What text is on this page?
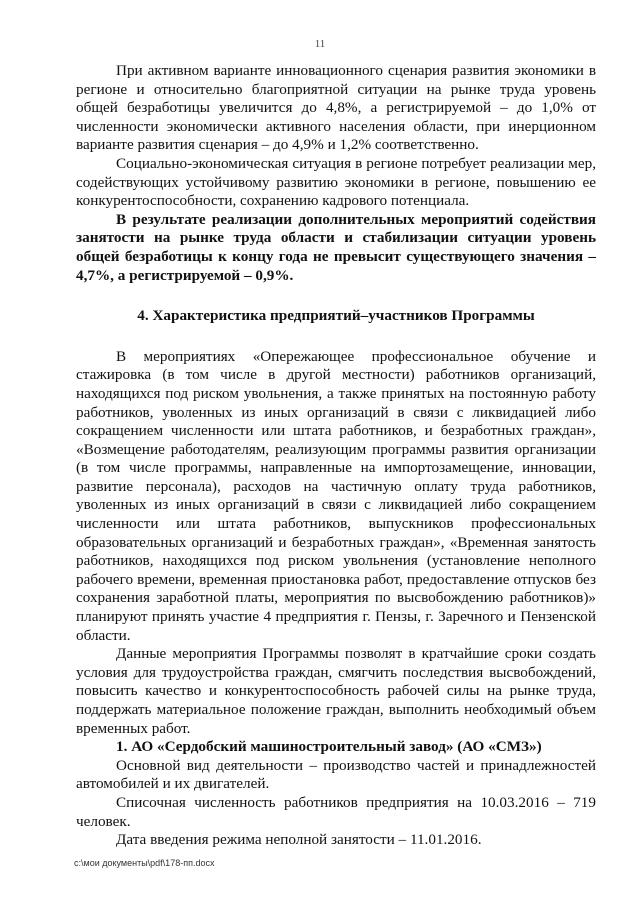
11

При активном варианте инновационного сценария развития экономики в регионе и относительно благоприятной ситуации на рынке труда уровень общей безработицы увеличится до 4,8%, а регистрируемой – до 1,0% от численности экономически активного населения области, при инерционном варианте развития сценария – до 4,9% и 1,2% соответственно.

Социально-экономическая ситуация в регионе потребует реализации мер, содействующих устойчивому развитию экономики в регионе, повышению ее конкурентоспособности, сохранению кадрового потенциала.

В результате реализации дополнительных мероприятий содействия занятости на рынке труда области и стабилизации ситуации уровень общей безработицы к концу года не превысит существующего значения – 4,7%, а регистрируемой – 0,9%.

4. Характеристика предприятий–участников Программы

В мероприятиях «Опережающее профессиональное обучение и стажировка (в том числе в другой местности) работников организаций, находящихся под риском увольнения, а также принятых на постоянную работу работников, уволенных из иных организаций в связи с ликвидацией либо сокращением численности или штата работников, и безработных граждан», «Возмещение работодателям, реализующим программы развития организации (в том числе программы, направленные на импортозамещение, инновации, развитие персонала), расходов на частичную оплату труда работников, уволенных из иных организаций в связи с ликвидацией либо сокращением численности или штата работников, выпускников профессиональных образовательных организаций и безработных граждан», «Временная занятость работников, находящихся под риском увольнения (установление неполного рабочего времени, временная приостановка работ, предоставление отпусков без сохранения заработной платы, мероприятия по высвобождению работников)» планируют принять участие 4 предприятия г. Пензы, г. Заречного и Пензенской области.

Данные мероприятия Программы позволят в кратчайшие сроки создать условия для трудоустройства граждан, смягчить последствия высвобождений, повысить качество и конкурентоспособность рабочей силы на рынке труда, поддержать материальное положение граждан, выполнить необходимый объем временных работ.

1. АО «Сердобский машиностроительный завод» (АО «СМЗ»)

Основной вид деятельности – производство частей и принадлежностей автомобилей и их двигателей.

Списочная численность работников предприятия на 10.03.2016 – 719 человек.

Дата введения режима неполной занятости – 11.01.2016.

c:\мои документы\pdf\178-пп.docx
